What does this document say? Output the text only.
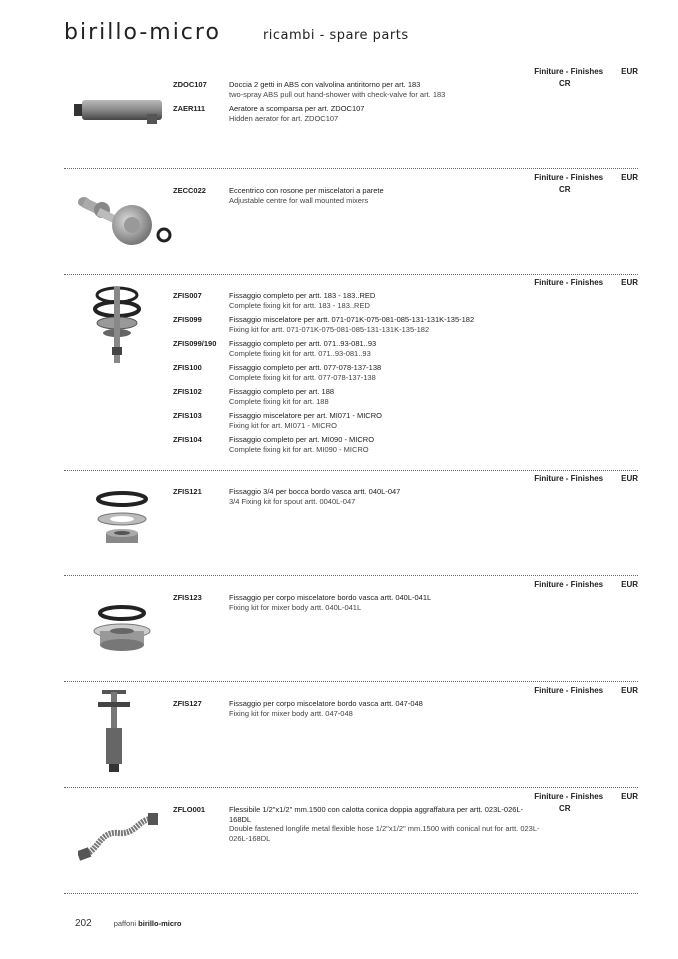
birillo-micro	ricambi - spare parts
Finiture - Finishes EUR
CR
ZDOC107	Doccia 2 getti in ABS con valvolina antiritorno per art. 183
two-spray ABS pull out hand-shower with check-valve for art. 183
ZAER111	Aeratore a scomparsa per art. ZDOC107
Hidden aerator for art. ZDOC107
Finiture - Finishes EUR
CR
ZECC022	Eccentrico con rosone per miscelatori a parete
Adjustable centre for wall mounted mixers
Finiture - Finishes EUR
ZFIS007	Fissaggio completo per artt. 183 - 183..RED
Complete fixing kit for artt. 183 - 183..RED
ZFIS099	Fissaggio miscelatore per artt. 071-071K-075-081-085-131-131K-135-182
Fixing kit for artt. 071-071K-075-081-085-131-131K-135-182
ZFIS099/190	Fissaggio completo per artt. 071..93-081..93
Complete fixing kit for artt. 071..93-081..93
ZFIS100	Fissaggio completo per artt. 077-078-137-138
Complete fixing kit for artt. 077-078-137-138
ZFIS102	Fissaggio completo per art. 188
Complete fixing kit for art. 188
ZFIS103	Fissaggio miscelatore per art. MI071 - MICRO
Fixing kit for art. MI071 - MICRO
ZFIS104	Fissaggio completo per art. MI090 - MICRO
Complete fixing kit for art. MI090 - MICRO
Finiture - Finishes EUR
ZFIS121	Fissaggio 3/4 per bocca bordo vasca artt. 040L-047
3/4 Fixing kit for spout artt. 0040L-047
Finiture - Finishes EUR
ZFIS123	Fissaggio per corpo miscelatore bordo vasca artt. 040L-041L
Fixing kit for mixer body artt. 040L-041L
Finiture - Finishes EUR
ZFIS127	Fissaggio per corpo miscelatore bordo vasca artt. 047-048
Fixing kit for mixer body artt. 047-048
Finiture - Finishes EUR
CR
ZFLO001	Flessibile 1/2"x1/2" mm.1500 con calotta conica doppia aggraffatura per artt. 023L-026L-168DL
Double fastened longlife metal flexible hose 1/2"x1/2" mm.1500 with conical nut for artt. 023L-026L-168DL
202	paffoni birillo-micro
